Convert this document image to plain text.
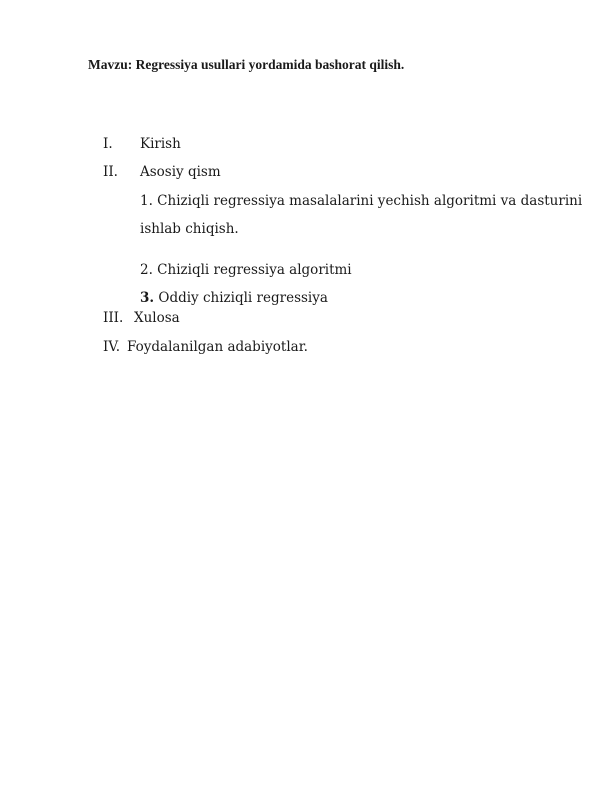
Mavzu: Regressiya usullari yordamida bashorat qilish.
I. Kirish
II. Asosiy qism
1. Chiziqli regressiya masalalarini yechish algoritmi va dasturini
ishlab chiqish.
2. Chiziqli regressiya algoritmi
3. Oddiy chiziqli regressiya
III. Xulosa
IV. Foydalanilgan adabiyotlar.
